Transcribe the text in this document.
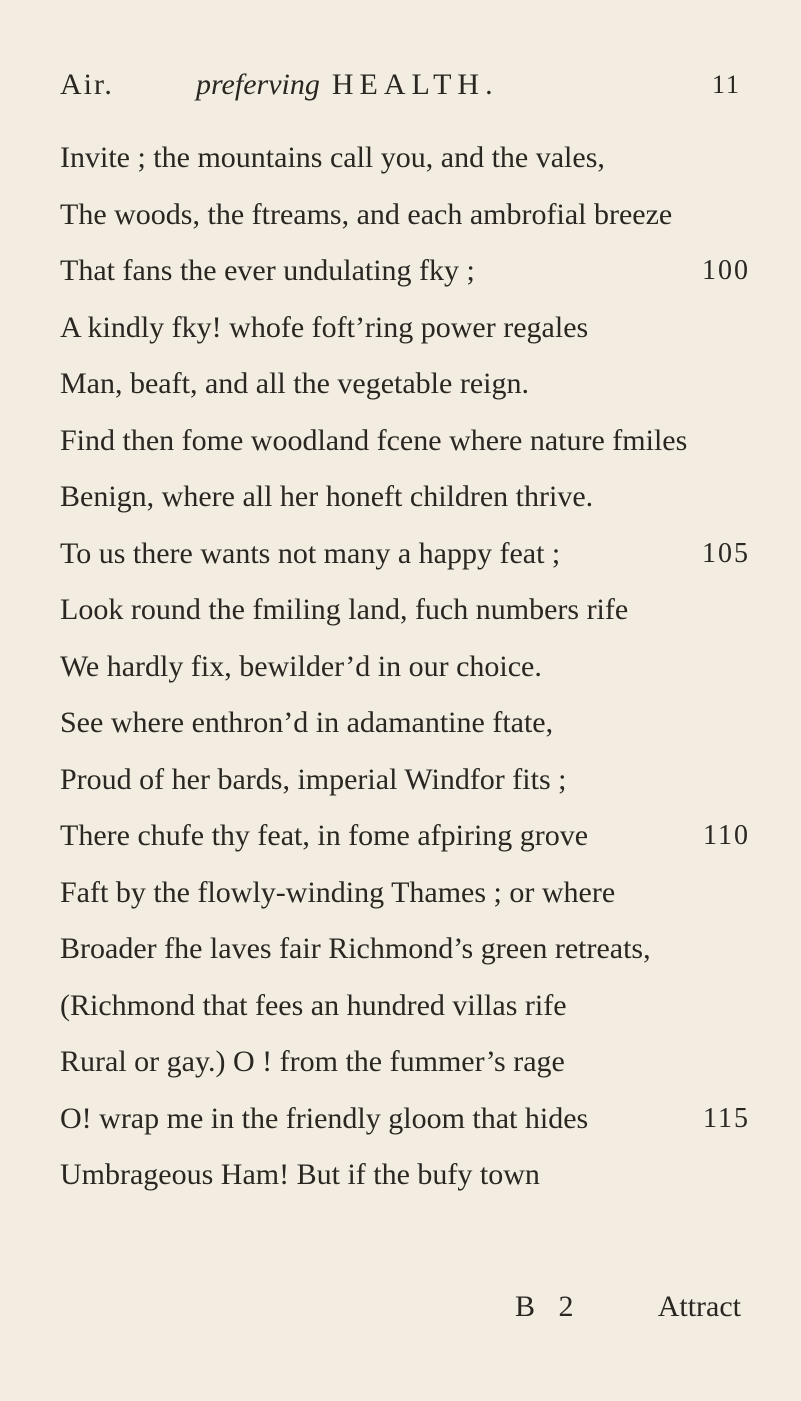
Air.	preferving HEALTH.	11
Invite ; the mountains call you, and the vales,
The woods, the ftreams, and each ambrofial breeze
That fans the ever undulating fky ;	100
A kindly fky! whofe foft’ring power regales
Man, beaft, and all the vegetable reign.
Find then fome woodland fcene where nature fmiles
Benign, where all her honeft children thrive.
To us there wants not many a happy feat ;	105
Look round the fmiling land, fuch numbers rife
We hardly fix, bewilder’d in our choice.
See where enthron’d in adamantine ftate,
Proud of her bards, imperial Windfor fits ;
There chufe thy feat, in fome afpiring grove	110
Faft by the flowly-winding Thames ; or where
Broader fhe laves fair Richmond’s green retreats,
(Richmond that fees an hundred villas rife
Rural or gay.) O ! from the fummer’s rage
O! wrap me in the friendly gloom that hides	115
Umbrageous Ham! But if the bufy town
B 2	Attract
